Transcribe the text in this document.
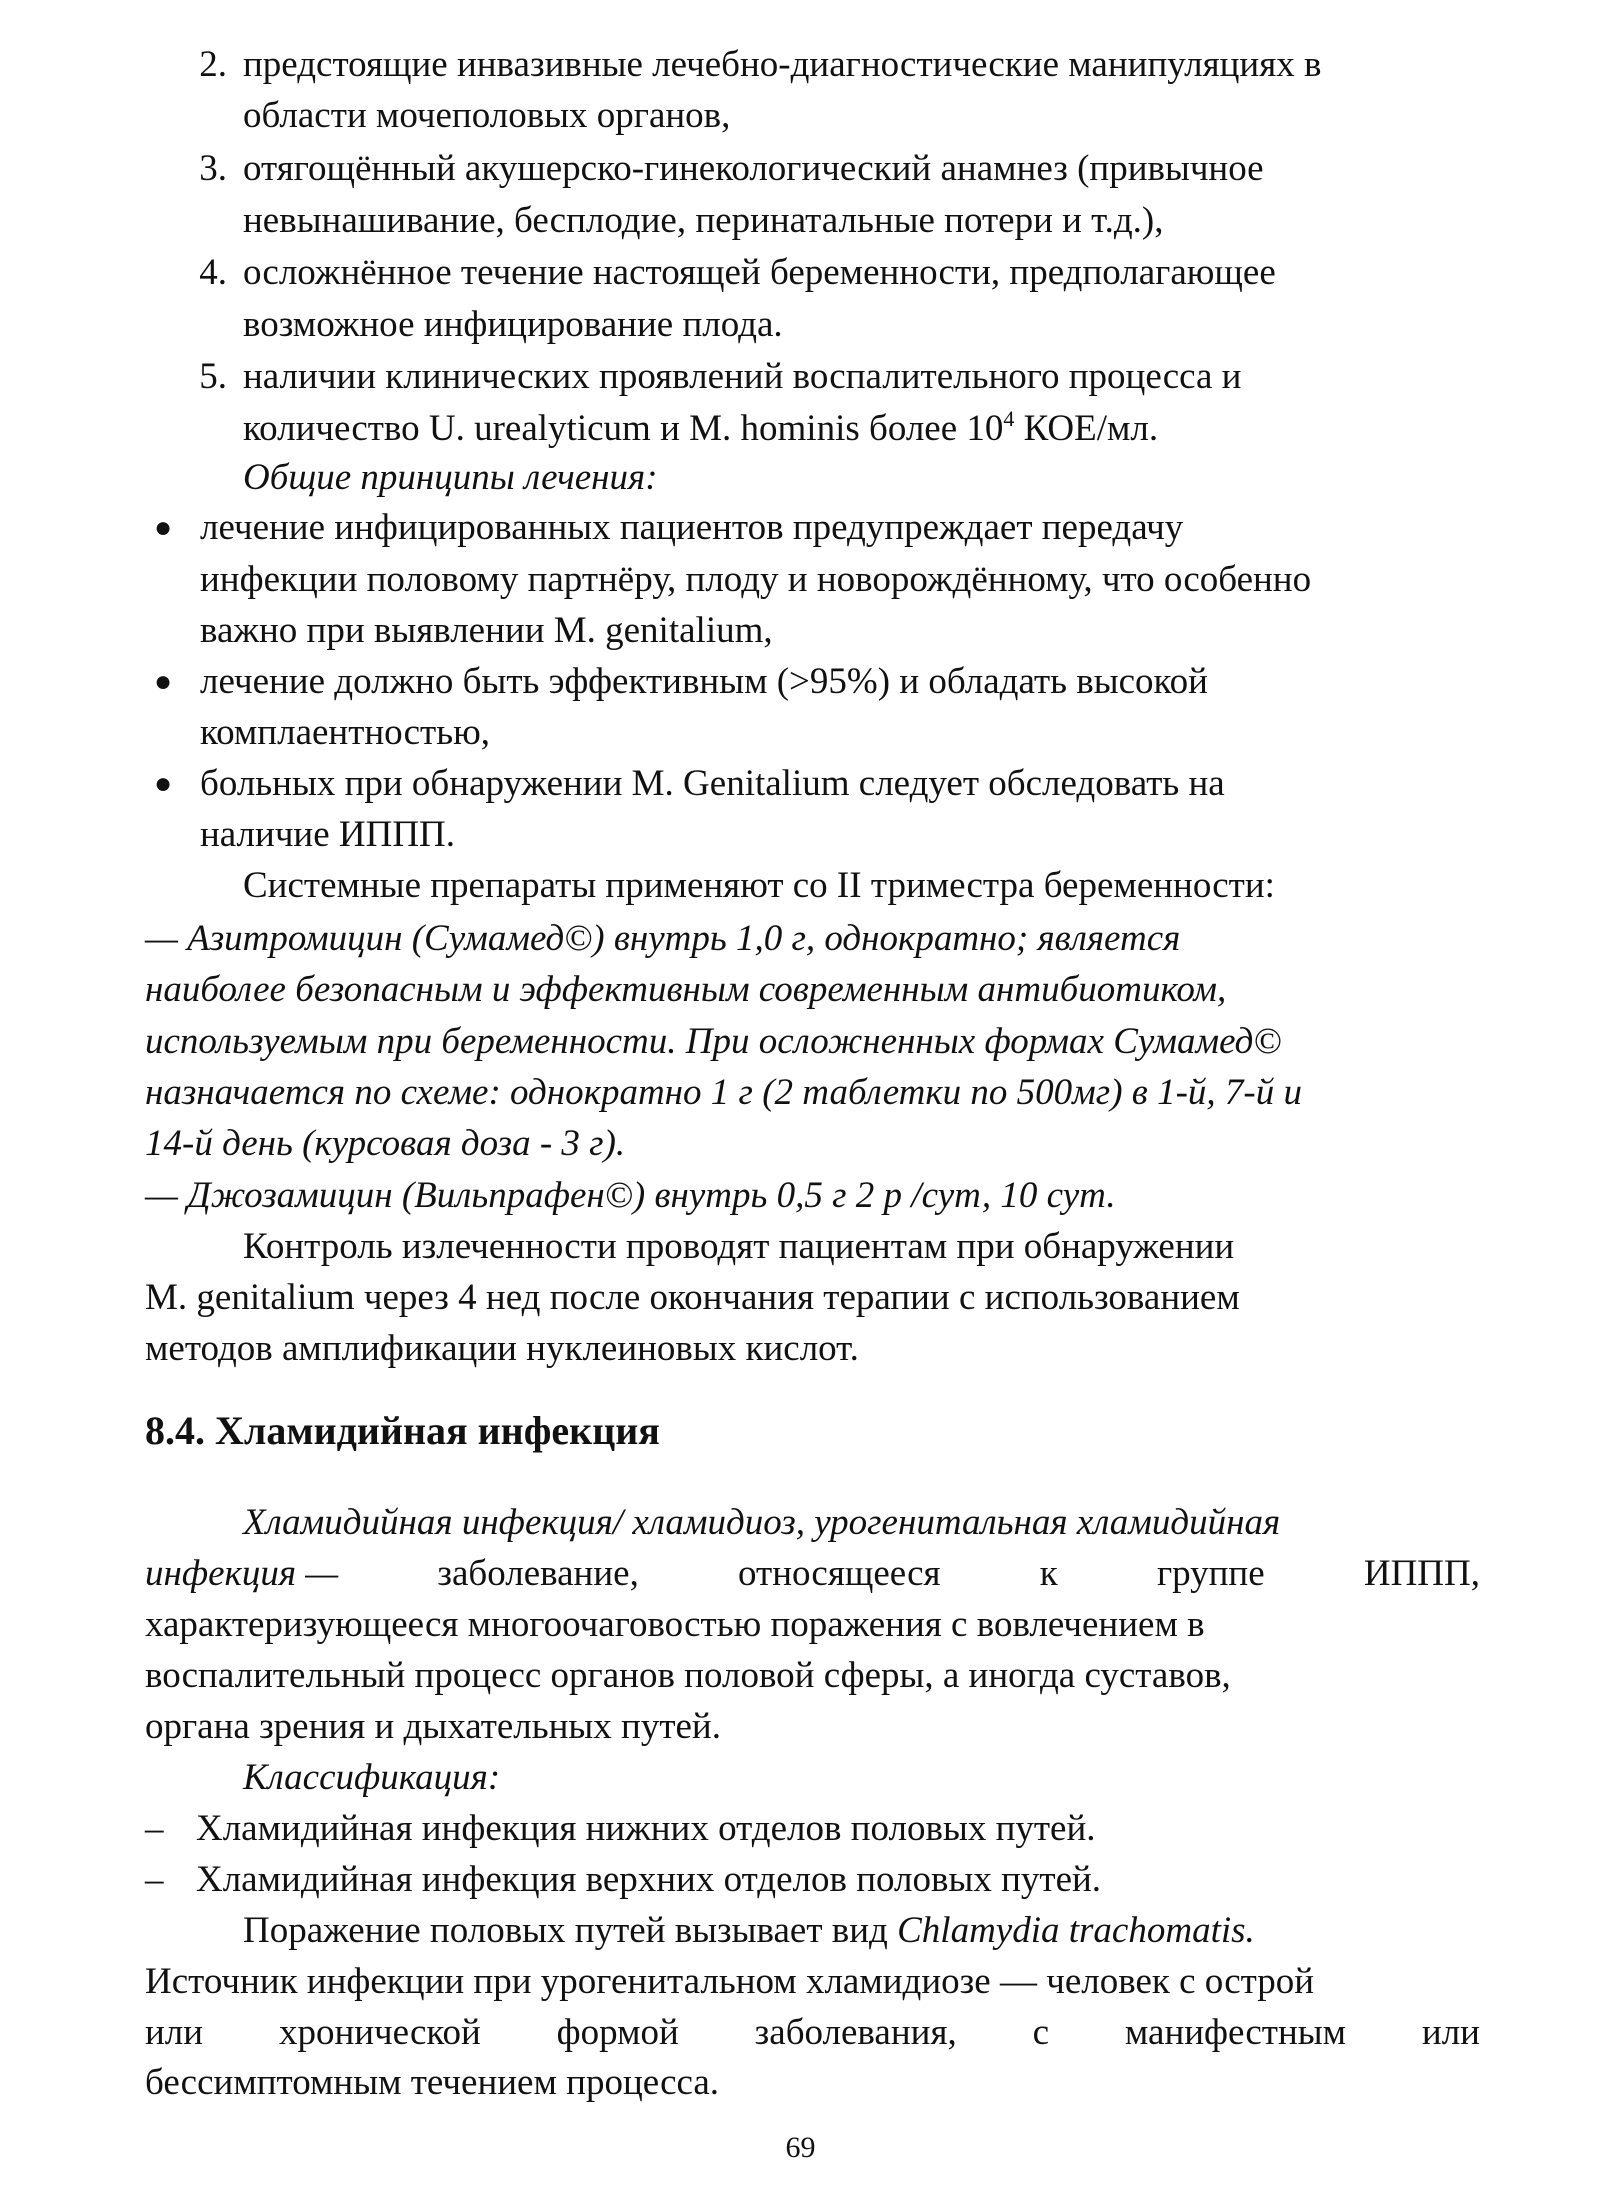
2. предстоящие инвазивные лечебно-диагностические манипуляциях в
области мочеполовых органов,
3. отягощённый акушерско-гинекологический анамнез (привычное
невынашивание, бесплодие, перинатальные потери и т.д.),
4. осложнённое течение настоящей беременности, предполагающее
возможное инфицирование плода.
5. наличии клинических проявлений воспалительного процесса и
количество U. urealyticum и M. hominis более $10^4$ КОЕ/мл.
Общие принципы лечения:
● лечение инфицированных пациентов предупреждает передачу
инфекции половому партнёру, плоду и новорождённому, что особенно
важно при выявлении M. genitalium,
● лечение должно быть эффективным (>95%) и обладать высокой
комплаентностью,
● больных при обнаружении M. Genitalium следует обследовать на
наличие ИППП.
Системные препараты применяют со II триместра беременности:
— Азитромицин (Сумамед©) внутрь 1,0 г, однократно; является
наиболее безопасным и эффективным современным антибиотиком,
используемым при беременности. При осложненных формах Сумамед©
назначается по схеме: однократно 1 г (2 таблетки по 500мг) в 1-й, 7-й и
14-й день (курсовая доза - 3 г).
— Джозамицин (Вильпрафен©) внутрь 0,5 г 2 р /сут, 10 сут.
Контроль излеченности проводят пациентам при обнаружении
M. genitalium через 4 нед после окончания терапии с использованием
методов амплификации нуклеиновых кислот.
8.4. Хламидийная инфекция
Хламидийная инфекция/ хламидиоз, урогенитальная хламидийная
инфекция —	заболевание,	относящееся	к	группе	ИППП,
характеризующееся многоочаговостью поражения с вовлечением в
воспалительный процесс органов половой сферы, а иногда суставов,
органа зрения и дыхательных путей.
Классификация:
– Хламидийная инфекция нижних отделов половых путей.
– Хламидийная инфекция верхних отделов половых путей.
Поражение половых путей вызывает вид Chlamydia trachomatis.
Источник инфекции при урогенитальном хламидиозе — человек с острой
или хронической формой заболевания, с манифестным или
бессимптомным течением процесса.
69
